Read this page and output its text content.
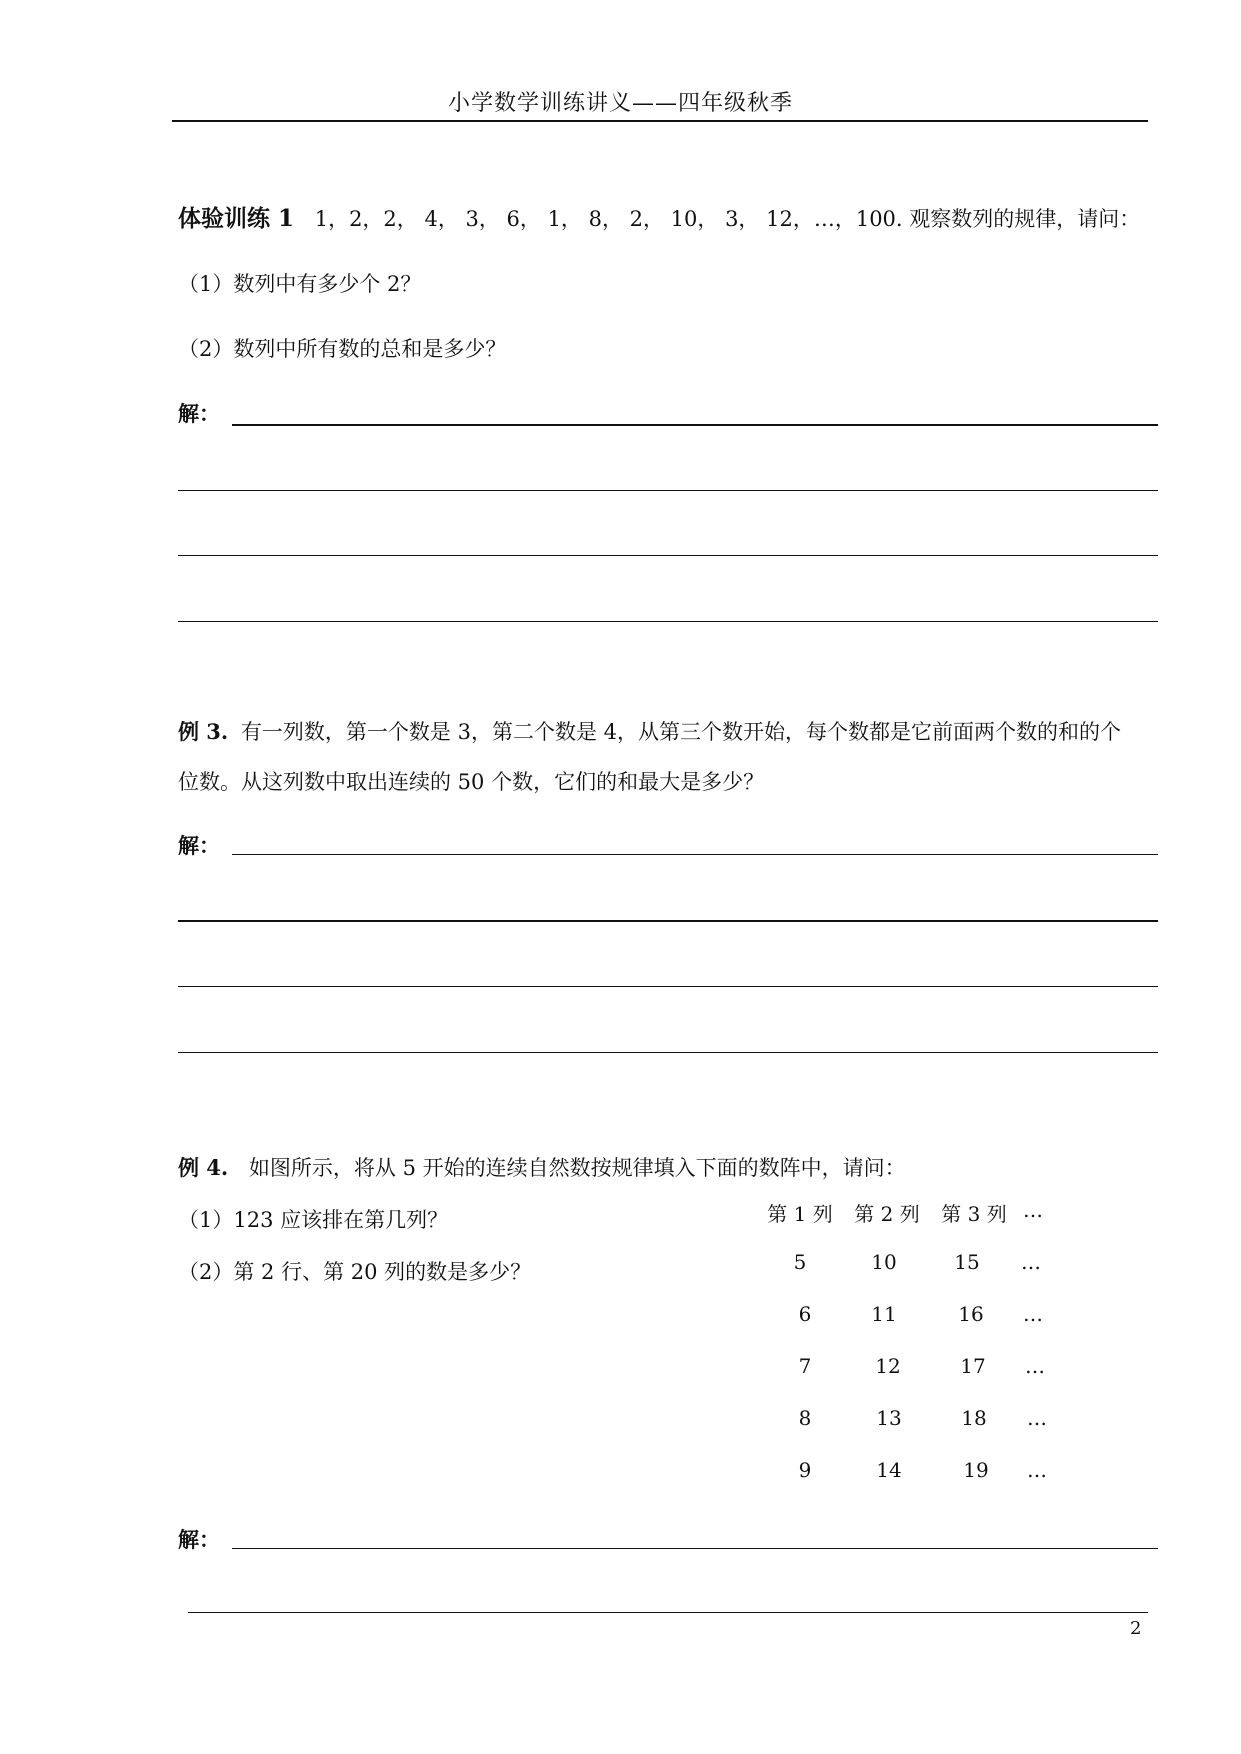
小学数学训练讲义——四年级秋季
体验训练 1 1，2，2， 4， 3， 6， 1， 8， 2， 10， 3， 12，…，100. 观察数列的规律，请问：
（1）数列中有多少个 2？
（2）数列中所有数的总和是多少？
解：
例 3. 有一列数，第一个数是 3，第二个数是 4，从第三个数开始，每个数都是它前面两个数的和的个
位数。从这列数中取出连续的 50 个数，它们的和最大是多少？
解：
例 4. 如图所示，将从 5 开始的连续自然数按规律填入下面的数阵中，请问：
（1）123 应该排在第几列？
（2）第 2 行、第 20 列的数是多少？
第 1 列	第 2 列	第 3 列 …
5	10	15	…
6	11	16	…
7	12	17	…
8	13	18	…
9	14	19	…
解：
2
